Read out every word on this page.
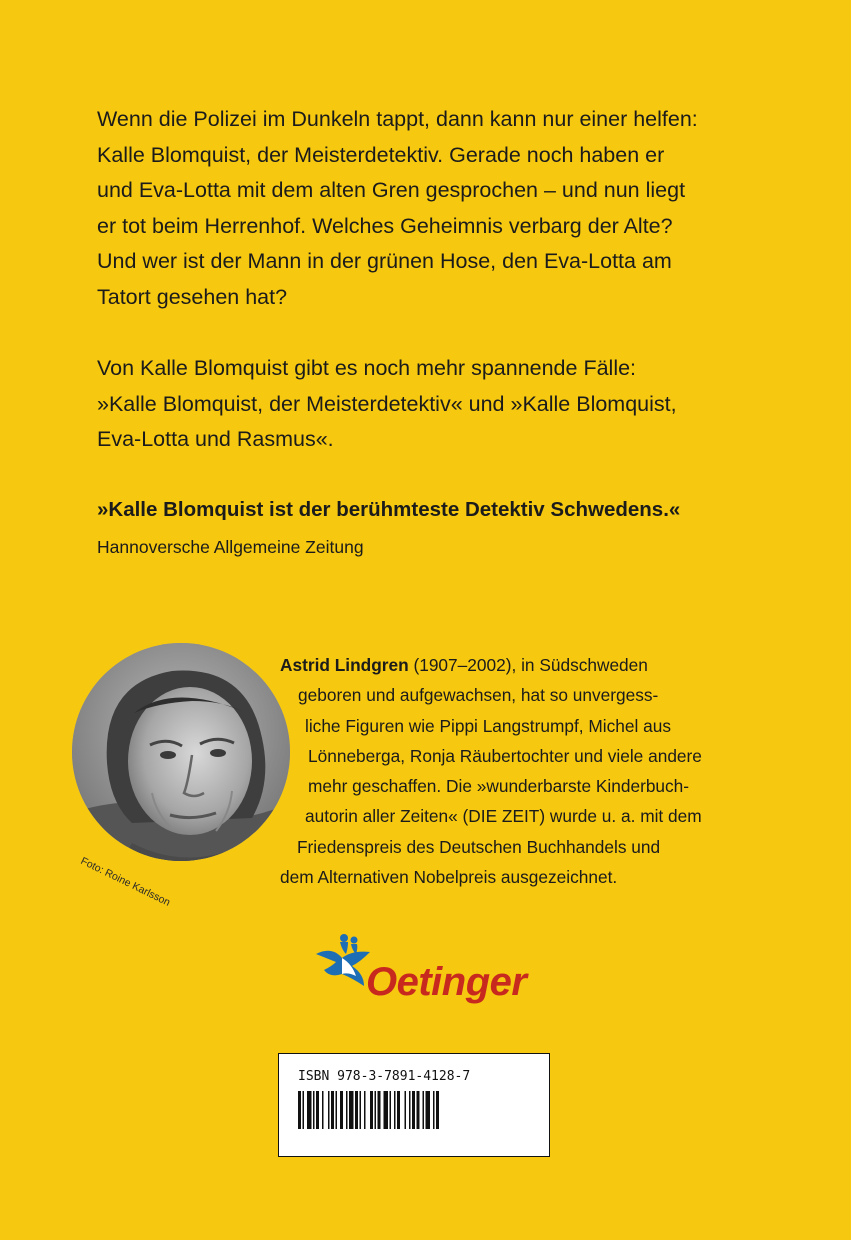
Wenn die Polizei im Dunkeln tappt, dann kann nur einer helfen:
Kalle Blomquist, der Meisterdetektiv. Gerade noch haben er
und Eva-Lotta mit dem alten Gren gesprochen – und nun liegt
er tot beim Herrenhof. Welches Geheimnis verbarg der Alte?
Und wer ist der Mann in der grünen Hose, den Eva-Lotta am
Tatort gesehen hat?

Von Kalle Blomquist gibt es noch mehr spannende Fälle:
»Kalle Blomquist, der Meisterdetektiv« und »Kalle Blomquist,
Eva-Lotta und Rasmus«.

»Kalle Blomquist ist der berühmteste Detektiv Schwedens.«
Hannoversche Allgemeine Zeitung
Foto: Roine Karlsson
Astrid Lindgren (1907–2002), in Südschweden
geboren und aufgewachsen, hat so unvergess-
liche Figuren wie Pippi Langstrumpf, Michel aus
Lönneberga, Ronja Räubertochter und viele andere
mehr geschaffen. Die »wunderbarste Kinderbuch-
autorin aller Zeiten« (DIE ZEIT) wurde u. a. mit dem
Friedenspreis des Deutschen Buchhandels und
dem Alternativen Nobelpreis ausgezeichnet.
Oetinger
ISBN 978-3-7891-4128-7
